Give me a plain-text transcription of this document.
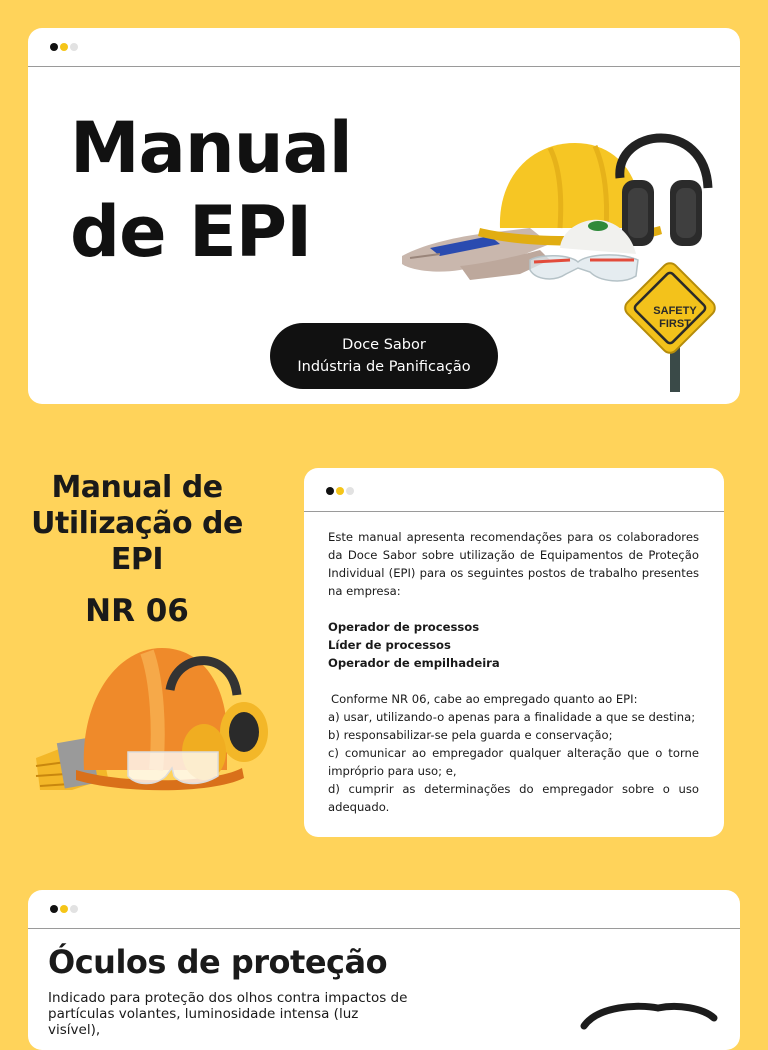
Manual
de EPI
SAFETY
FIRST
Doce Sabor
Indústria de Panificação
Manual de
Utilização de
EPI
NR 06

Este manual apresenta recomendações para os colaboradores da Doce Sabor sobre utilização de Equipamentos de Proteção Individual (EPI) para os seguintes postos de trabalho presentes na empresa:

Operador de processos
Líder de processos
Operador de empilhadeira
Conforme NR 06, cabe ao empregado quanto ao EPI:

a) usar, utilizando-o apenas para a finalidade a que se destina;

b) responsabilizar-se pela guarda e conservação;

c) comunicar ao empregador qualquer alteração que o torne impróprio para uso; e,

d) cumprir as determinações do empregador sobre o uso adequado.

Óculos de proteção
Indicado para proteção dos olhos contra impactos de partículas volantes, luminosidade intensa (luz visível),
